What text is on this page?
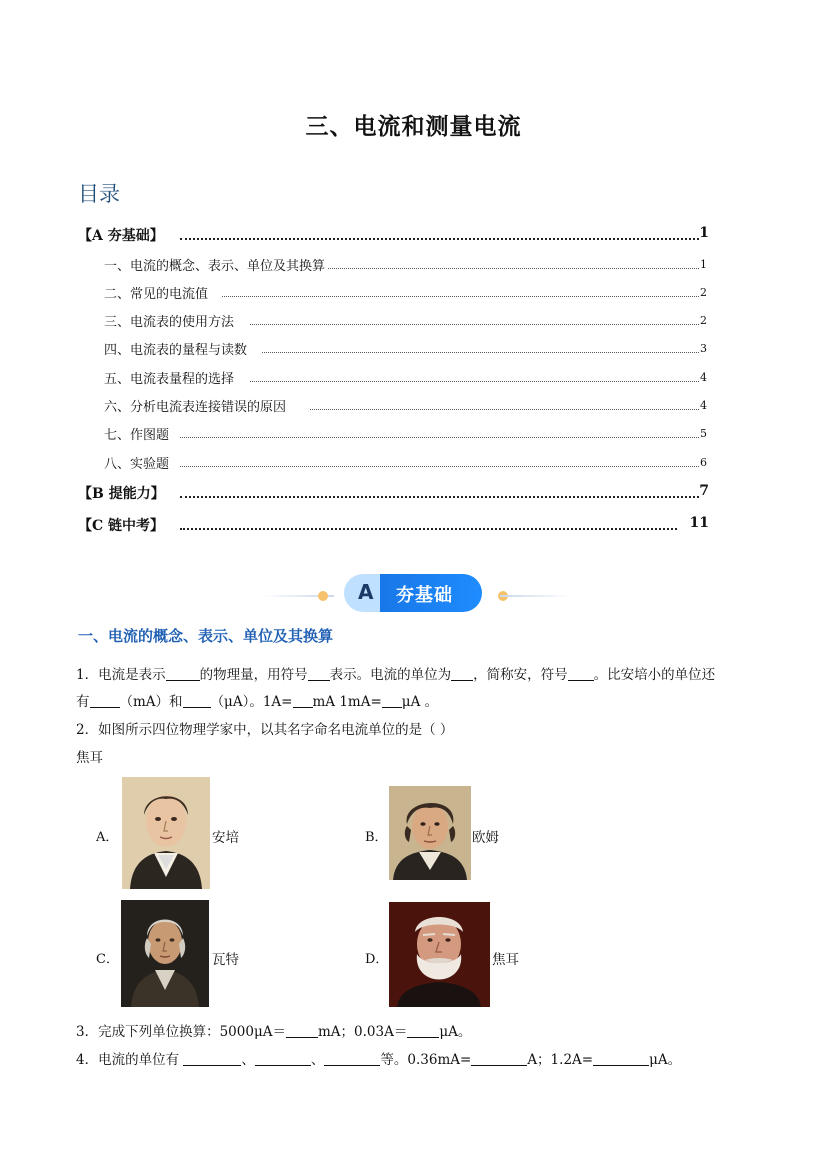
三、电流和测量电流
目录
【A 夯基础】	1
一、电流的概念、表示、单位及其换算	1
二、常见的电流值	2
三、电流表的使用方法	2
四、电流表的量程与读数	3
五、电流表量程的选择	4
六、分析电流表连接错误的原因	4
七、作图题	5
八、实验题	6
【B 提能力】	7
【C 链中考】	11
A 夯基础
一、电流的概念、表示、单位及其换算
1．电流是表示	的物理量，用符号 表示。电流的单位为 ，简称安，符号 。比安培小的单位还
有 （mA）和 （μA）。1A= mA 1mA= μA 。
2．如图所示四位物理学家中，以其名字命名电流单位的是（ ）
焦耳
A．	安培	B．	欧姆
C．	瓦特	D．	焦耳
3．完成下列单位换算：5000μA＝ mA；0.03A＝ μA。
4．电流的单位有	、	、	等。0.36mA=	A；1.2A=	μA。
